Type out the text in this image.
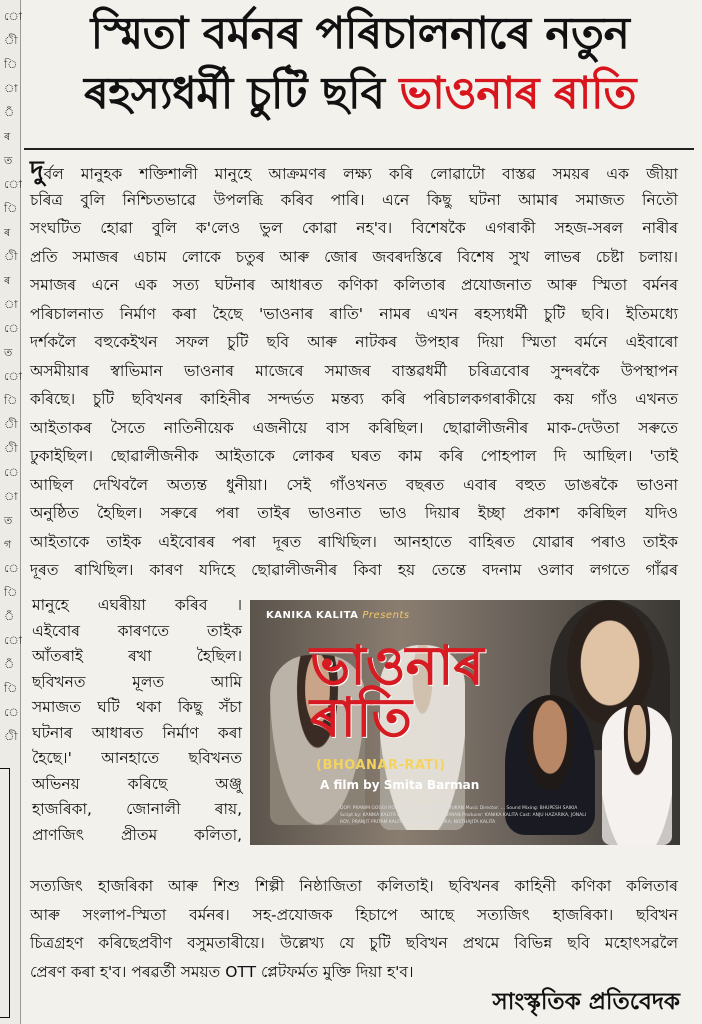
ো
ী
ি
া
ঁ
ৰ
ত
ো
ি
ৰ
ী
ৰ
া
ে
ত
ো
ি
ী
ী
ে
া
ত
গ
ে
ি
ঁ
ো
ঁ
ি
ে
ী
স্মিতা বৰ্মনৰ পৰিচালনাৰে নতুন
ৰহস্যধৰ্মী চুটি ছবি ভাওনাৰ ৰাতি
দুর্বল মানুহক শক্তিশালী মানুহে আক্ৰমণৰ লক্ষ্য কৰি লোৱাটো বাস্তৱ সময়ৰ এক জীয়া
চৰিত্ৰ বুলি নিশ্চিতভাৱে উপলব্ধি কৰিব পাৰি। এনে কিছু ঘটনা আমাৰ সমাজত নিতৌ
সংঘটিত হোৱা বুলি ক'লেও ভুল কোৱা নহ'ব। বিশেষকৈ এগৰাকী সহজ-সৰল নাৰীৰ
প্ৰতি সমাজৰ এচাম লোকে চতুৰ আৰু জোৰ জবৰদস্তিৰে বিশেষ সুখ লাভৰ চেষ্টা চলায়।
সমাজৰ এনে এক সত্য ঘটনাৰ আধাৰত কণিকা কলিতাৰ প্ৰযোজনাত আৰু স্মিতা বৰ্মনৰ
পৰিচালনাত নিৰ্মাণ কৰা হৈছে 'ভাওনাৰ ৰাতি' নামৰ এখন ৰহস্যধৰ্মী চুটি ছবি। ইতিমধ্যে
দৰ্শকলৈ বহুকেইখন সফল চুটি ছবি আৰু নাটকৰ উপহাৰ দিয়া স্মিতা বৰ্মনে এইবাৰো
অসমীয়াৰ স্বাভিমান ভাওনাৰ মাজেৰে সমাজৰ বাস্তৱধৰ্মী চৰিত্ৰবোৰ সুন্দৰকৈ উপস্থাপন
কৰিছে। চুটি ছবিখনৰ কাহিনীৰ সন্দৰ্ভত মন্তব্য কৰি পৰিচালকগৰাকীয়ে কয় গাঁও এখনত
আইতাকৰ সৈতে নাতিনীয়েক এজনীয়ে বাস কৰিছিল। ছোৱালীজনীৰ মাক-দেউতা সৰুতে
ঢুকাইছিল। ছোৱালীজনীক আইতাকে লোকৰ ঘৰত কাম কৰি পোহপাল দি আছিল। 'তাই
আছিল দেখিবলৈ অত্যন্ত ধুনীয়া। সেই গাঁওখনত বছৰত এবাৰ বহুত ডাঙৰকৈ ভাওনা
অনুষ্ঠিত হৈছিল। সৰুৰে পৰা তাইৰ ভাওনাত ভাও দিয়াৰ ইচ্ছা প্ৰকাশ কৰিছিল যদিও
আইতাকে তাইক এইবোৰৰ পৰা দূৰত ৰাখিছিল। আনহাতে বাহিৰত যোৱাৰ পৰাও তাইক
দূৰত ৰাখিছিল। কাৰণ যদিহে ছোৱালীজনীৰ কিবা হয় তেন্তে বদনাম ওলাব লগতে গাঁৱৰ
মানুহে এঘৰীয়া কৰিব ।
এইবোৰ কাৰণতে তাইক
আঁতৰাই ৰখা হৈছিল।
ছবিখনত মূলত আমি
সমাজত ঘটি থকা কিছু সঁচা
ঘটনাৰ আধাৰত নিৰ্মাণ কৰা
হৈছে।' আনহাতে ছবিখনত
অভিনয় কৰিছে অঞ্জু
হাজৰিকা, জোনালী ৰায়,
প্ৰাণজিৎ প্ৰীতম কলিতা,
KANIKA KALITA Presents
ভাওনাৰ ৰাতি
(BHOANAR-RATI)
A film by Smita Barman
DOP: PRANIM GOGOI ROGERY Editor: NIRANJIT PHUKAN Music Director: ... Sound Mixing: BHUPESH SAIKIA Script by: KANIKA KALITA Directed by: SMITA BARMAN Producer: KANIKA KALITA Cast: ANJU HAZARIKA, JONALI ROY, PRANJIT PRITAM KALITA, SATYAJIT HAZARIKA, NISTHAJITA KALITA
সাংস্কৃতিক প্ৰতিবেদক
সত্যজিৎ হাজৰিকা আৰু শিশু শিল্পী নিষ্ঠাজিতা কলিতাই। ছবিখনৰ কাহিনী কণিকা কলিতাৰ
আৰু সংলাপ-স্মিতা বৰ্মনৰ। সহ-প্ৰযোজক হিচাপে আছে সত্যজিৎ হাজৰিকা। ছবিখন
চিত্ৰগ্ৰহণ কৰিছেপ্ৰবীণ বসুমতাৰীয়ে। উল্লেখ্য যে চুটি ছবিখন প্ৰথমে বিভিন্ন ছবি মহোৎসৱলৈ
প্ৰেৰণ কৰা হ'ব। পৰৱৰ্তী সময়ত OTT প্লেটফৰ্মত মুক্তি দিয়া হ'ব।
